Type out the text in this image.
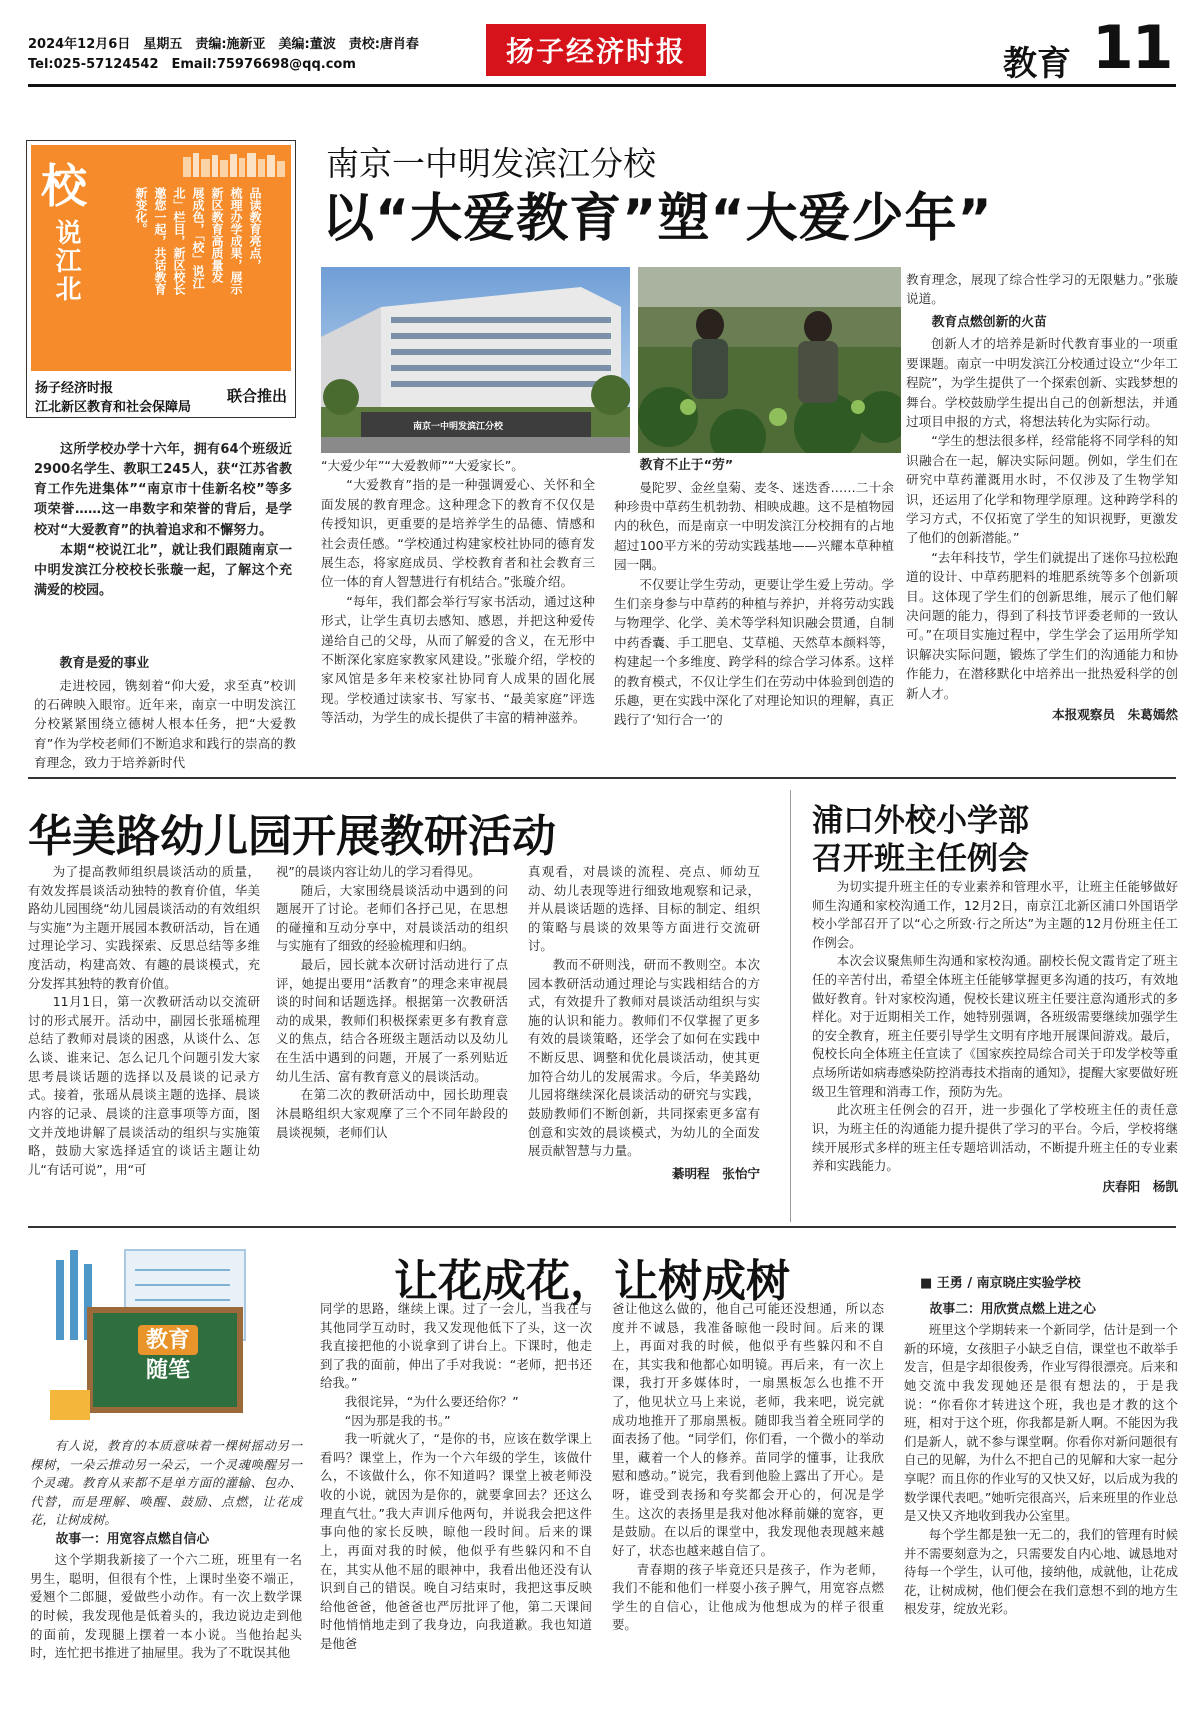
2024年12月6日　星期五　责编:施新亚　美编:董波　责校:唐肖春
Tel:025-57124542　Email:75976698@qq.com	扬子经济时报	教育 11
校
说江北	品读教育亮点，
梳理办学成果，展示
新区教育高质量发
展成色，「校」说江
北」栏目，新区校长
邀您一起，共话教育
新变化。
扬子经济时报
江北新区教育和社会保障局
联合推出
南京一中明发滨江分校
以“大爱教育”塑“大爱少年”
南京一中明发滨江分校

这所学校办学十六年，拥有64个班级近2900名学生、教职工245人，获“江苏省教育工作先进集体”“南京市十佳新名校”等多项荣誉……这一串数字和荣誉的背后，是学校对“大爱教育”的执着追求和不懈努力。

本期“校说江北”，就让我们跟随南京一中明发滨江分校校长张璇一起，了解这个充满爱的校园。

教育是爱的事业

走进校园，镌刻着“仰大爱，求至真”校训的石碑映入眼帘。近年来，南京一中明发滨江分校紧紧围绕立德树人根本任务，把“大爱教育”作为学校老师们不断追求和践行的崇高的教育理念，致力于培养新时代

“大爱少年”“大爱教师”“大爱家长”。

“大爱教育”指的是一种强调爱心、关怀和全面发展的教育理念。这种理念下的教育不仅仅是传授知识，更重要的是培养学生的品德、情感和社会责任感。“学校通过构建家校社协同的德育发展生态，将家庭成员、学校教育者和社会教育三位一体的育人智慧进行有机结合。”张璇介绍。

“每年，我们都会举行写家书活动，通过这种形式，让学生真切去感知、感恩，并把这种爱传递给自己的父母，从而了解爱的含义，在无形中不断深化家庭家教家风建设。”张璇介绍，学校的家风馆是多年来校家社协同育人成果的固化展现。学校通过读家书、写家书、“最美家庭”评选等活动，为学生的成长提供了丰富的精神滋养。

教育不止于“劳”

曼陀罗、金丝皇菊、麦冬、迷迭香……二十余种珍贵中草药生机勃勃、相映成趣。这不是植物园内的秋色，而是南京一中明发滨江分校拥有的占地超过100平方米的劳动实践基地——兴耀本草种植园一隅。

不仅要让学生劳动，更要让学生爱上劳动。学生们亲身参与中草药的种植与养护，并将劳动实践与物理学、化学、美术等学科知识融会贯通，自制中药香囊、手工肥皂、艾草槌、天然草本颜料等，构建起一个多维度、跨学科的综合学习体系。这样的教育模式，不仅让学生们在劳动中体验到创造的乐趣，更在实践中深化了对理论知识的理解，真正践行了‘知行合一’的

教育理念，展现了综合性学习的无限魅力。”张璇说道。
教育点燃创新的火苗

创新人才的培养是新时代教育事业的一项重要课题。南京一中明发滨江分校通过设立“少年工程院”，为学生提供了一个探索创新、实践梦想的舞台。学校鼓励学生提出自己的创新想法，并通过项目申报的方式，将想法转化为实际行动。

“学生的想法很多样，经常能将不同学科的知识融合在一起，解决实际问题。例如，学生们在研究中草药灌溉用水时，不仅涉及了生物学知识，还运用了化学和物理学原理。这种跨学科的学习方式，不仅拓宽了学生的知识视野，更激发了他们的创新潜能。”

“去年科技节，学生们就提出了迷你马拉松跑道的设计、中草药肥料的堆肥系统等多个创新项目。这体现了学生们的创新思维，展示了他们解决问题的能力，得到了科技节评委老师的一致认可。”在项目实施过程中，学生学会了运用所学知识解决实际问题，锻炼了学生们的沟通能力和协作能力，在潜移默化中培养出一批热爱科学的创新人才。

本报观察员　朱葛嫣然
华美路幼儿园开展教研活动

为了提高教师组织晨谈活动的质量，有效发挥晨谈活动独特的教育价值，华美路幼儿园围绕“幼儿园晨谈活动的有效组织与实施”为主题开展园本教研活动，旨在通过理论学习、实践探索、反思总结等多维度活动，构建高效、有趣的晨谈模式，充分发挥其独特的教育价值。

11月1日，第一次教研活动以交流研讨的形式展开。活动中，副园长张瑶梳理总结了教师对晨谈的困惑，从谈什么、怎么谈、谁来记、怎么记几个问题引发大家思考晨谈话题的选择以及晨谈的记录方式。接着，张瑶从晨谈主题的选择、晨谈内容的记录、晨谈的注意事项等方面，图文并茂地讲解了晨谈活动的组织与实施策略，鼓励大家选择适宜的谈话主题让幼儿“有话可说”，用“可

视”的晨谈内容让幼儿的学习看得见。

随后，大家围绕晨谈活动中遇到的问题展开了讨论。老师们各抒己见，在思想的碰撞和互动分享中，对晨谈活动的组织与实施有了细致的经验梳理和归纳。

最后，园长就本次研讨活动进行了点评，她提出要用“活教育”的理念来审视晨谈的时间和话题选择。根据第一次教研活动的成果，教师们积极探索更多有教育意义的焦点，结合各班级主题活动以及幼儿在生活中遇到的问题，开展了一系列贴近幼儿生活、富有教育意义的晨谈活动。

在第二次的教研活动中，园长助理袁沐晨略组织大家观摩了三个不同年龄段的晨谈视频，老师们认

真观看，对晨谈的流程、亮点、师幼互动、幼儿表现等进行细致地观察和记录，并从晨谈话题的选择、目标的制定、组织的策略与晨谈的效果等方面进行交流研讨。

教而不研则浅，研而不教则空。本次园本教研活动通过理论与实践相结合的方式，有效提升了教师对晨谈活动组织与实施的认识和能力。教师们不仅掌握了更多有效的晨谈策略，还学会了如何在实践中不断反思、调整和优化晨谈活动，使其更加符合幼儿的发展需求。今后，华美路幼儿园将继续深化晨谈活动的研究与实践，鼓励教师们不断创新，共同探索更多富有创意和实效的晨谈模式，为幼儿的全面发展贡献智慧与力量。

綦明程　张怡宁
浦口外校小学部
召开班主任例会

为切实提升班主任的专业素养和管理水平，让班主任能够做好师生沟通和家校沟通工作，12月2日，南京江北新区浦口外国语学校小学部召开了以“心之所致·行之所达”为主题的12月份班主任工作例会。

本次会议聚焦师生沟通和家校沟通。副校长倪文霞肯定了班主任的辛苦付出，希望全体班主任能够掌握更多沟通的技巧，有效地做好教育。针对家校沟通，倪校长建议班主任要注意沟通形式的多样化。对于近期相关工作，她特别强调，各班级需要继续加强学生的安全教育，班主任要引导学生文明有序地开展课间游戏。最后，倪校长向全体班主任宣读了《国家疾控局综合司关于印发学校等重点场所诺如病毒感染防控消毒技术指南的通知》，提醒大家要做好班级卫生管理和消毒工作，预防为先。

此次班主任例会的召开，进一步强化了学校班主任的责任意识，为班主任的沟通能力提升提供了学习的平台。今后，学校将继续开展形式多样的班主任专题培训活动，不断提升班主任的专业素养和实践能力。

庆春阳　杨凯
教育

随笔
让花成花，让树成树	■ 王勇 / 南京晓庄实验学校

有人说，教育的本质意味着一棵树摇动另一棵树，一朵云推动另一朵云，一个灵魂唤醒另一个灵魂。教育从来都不是单方面的灌输、包办、代替，而是理解、唤醒、鼓励、点燃，让花成花，让树成树。

故事一：用宽容点燃自信心

这个学期我新接了一个六二班，班里有一名男生，聪明，但很有个性，上课时坐姿不端正，爱翘个二郎腿，爱做些小动作。有一次上数学课的时候，我发现他是低着头的，我边说边走到他的面前，发现腿上摆着一本小说。当他抬起头时，连忙把书推进了抽屉里。我为了不耽误其他

同学的思路，继续上课。过了一会儿，当我在与其他同学互动时，我又发现他低下了头，这一次我直接把他的小说拿到了讲台上。下课时，他走到了我的面前，伸出了手对我说：“老师，把书还给我。”

我很诧异，“为什么要还给你？”

“因为那是我的书。”

我一听就火了，“是你的书，应该在数学课上看吗？课堂上，作为一个六年级的学生，该做什么，不该做什么，你不知道吗？课堂上被老师没收的小说，就因为是你的，就要拿回去？还这么理直气壮。”我大声训斥他两句，并说我会把这件事向他的家长反映，晾他一段时间。后来的课上，再面对我的时候，他似乎有些躲闪和不自在，其实从他不屈的眼神中，我看出他还没有认识到自己的错误。晚自习结束时，我把这事反映给他爸爸，他爸爸也严厉批评了他，第二天课间时他悄悄地走到了我身边，向我道歉。我也知道是他爸

爸让他这么做的，他自己可能还没想通，所以态度并不诚恳，我准备晾他一段时间。后来的课上，再面对我的时候，他似乎有些躲闪和不自在，其实我和他都心如明镜。再后来，有一次上课，我打开多媒体时，一扇黑板怎么也推不开了，他见状立马上来说，老师，我来吧，说完就成功地推开了那扇黑板。随即我当着全班同学的面表扬了他。“同学们，你们看，一个微小的举动里，藏着一个人的修养。苗同学的懂事，让我欣慰和感动。”说完，我看到他脸上露出了开心。是呀，谁受到表扬和夸奖都会开心的，何况是学生。这次的表扬里是我对他冰释前嫌的宽容，更是鼓励。在以后的课堂中，我发现他表现越来越好了，状态也越来越自信了。

青春期的孩子毕竟还只是孩子，作为老师，我们不能和他们一样耍小孩子脾气，用宽容点燃学生的自信心，让他成为他想成为的样子很重要。

故事二：用欣赏点燃上进之心

班里这个学期转来一个新同学，估计是到一个新的环境，女孩胆子小缺乏自信，课堂也不敢举手发言，但是字却很俊秀，作业写得很漂亮。后来和她交流中我发现她还是很有想法的，于是我说：“你看你才转进这个班，我也是才教的这个班，相对于这个班，你我都是新人啊。不能因为我们是新人，就不参与课堂啊。你看你对新问题很有自己的见解，为什么不把自己的见解和大家一起分享呢？而且你的作业写的又快又好，以后成为我的数学课代表吧。”她听完很高兴，后来班里的作业总是又快又齐地收到我办公室里。

每个学生都是独一无二的，我们的管理有时候并不需要刻意为之，只需要发自内心地、诚恳地对待每一个学生，认可他，接纳他，成就他，让花成花，让树成树，他们便会在我们意想不到的地方生根发芽，绽放光彩。
